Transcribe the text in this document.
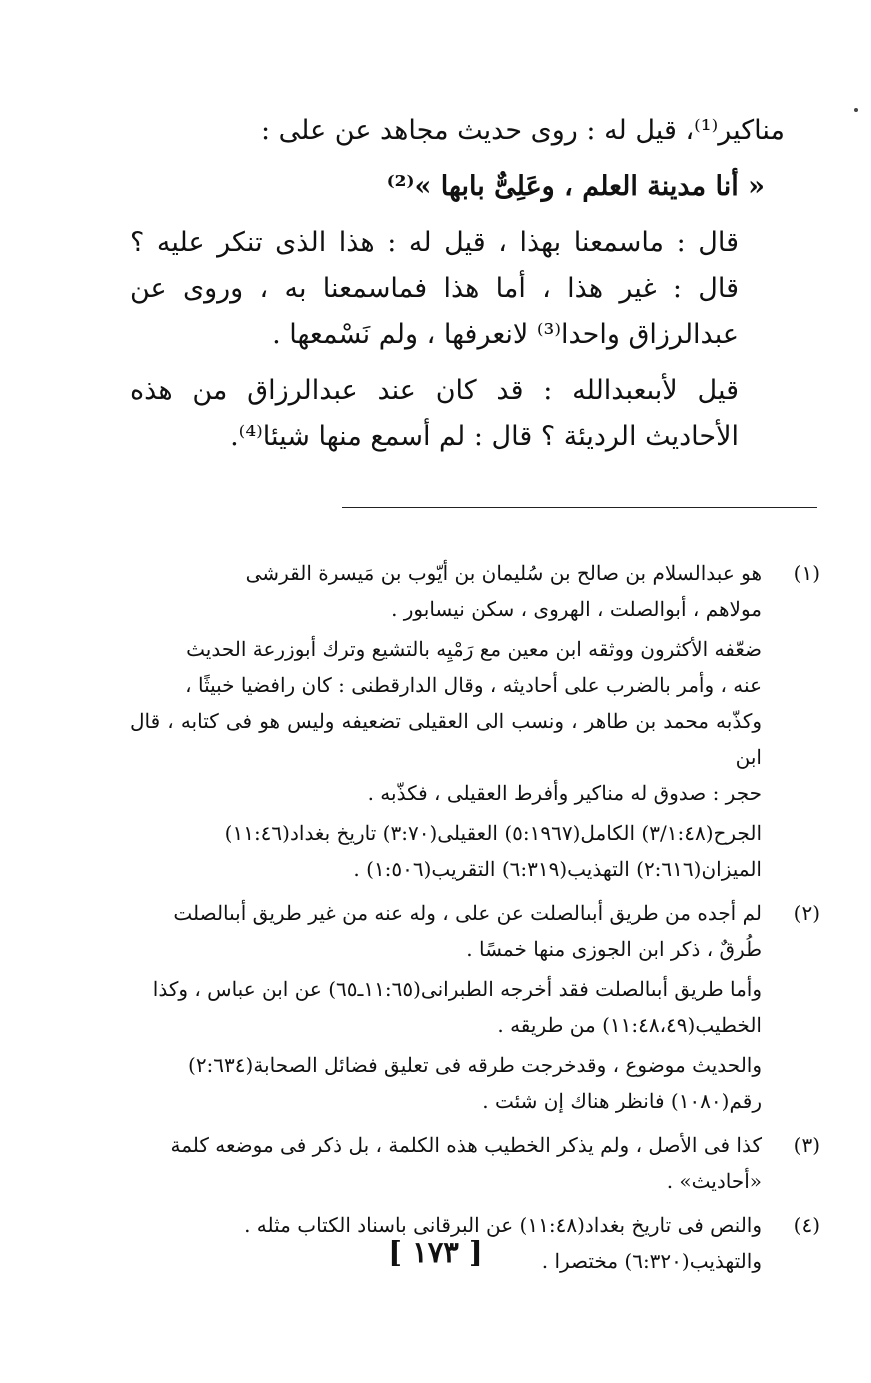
مناكير⁽¹⁾، قيل له : روى حديث مجاهد عن على :

« أنا مدينة العلم ، وعَلِىٌّ بابها »⁽²⁾

قال : ماسمعنا بهذا ، قيل له : هذا الذى تنكر عليه ؟ قال : غير هذا ، أما هذا فماسمعنا به ، وروى عن عبدالرزاق واحدا⁽³⁾ لانعرفها ، ولم نَسْمعها .

قيل لأبىعبدالله : قد كان عند عبدالرزاق من هذه الأحاديث الرديئة ؟ قال : لم أسمع منها شيئا⁽⁴⁾.

(١)

هو عبدالسلام بن صالح بن سُليمان بن أيّوب بن مَيسرة القرشى

مولاهم ، أبوالصلت ، الهروى ، سكن نيسابور .

ضعّفه الأكثرون ووثقه ابن معين مع رَمْيِه بالتشيع وترك أبوزرعة الحديث

عنه ، وأمر بالضرب على أحاديثه ، وقال الدارقطنى : كان رافضيا خبيثًا ،

وكذّبه محمد بن طاهر ، ونسب الى العقيلى تضعيفه وليس هو فى كتابه ، قال ابن

حجر : صدوق له مناكير وأفرط العقيلى ، فكذّبه .

الجرح(٣/١:٤٨) الكامل(٥:١٩٦٧) العقيلى(٣:٧٠) تاريخ بغداد(١١:٤٦)

الميزان(٢:٦١٦) التهذيب(٦:٣١٩) التقريب(١:٥٠٦) .

(٢)

لم أجده من طريق أبىالصلت عن على ، وله عنه من غير طريق أبىالصلت

طُرقٌ ، ذكر ابن الجوزى منها خمسًا .

وأما طريق أبىالصلت فقد أخرجه الطبرانى(١١:٦٥ـ٦٥) عن ابن عباس ، وكذا

الخطيب(١١:٤٨،٤٩) من طريقه .

والحديث موضوع ، وقدخرجت طرقه فى تعليق فضائل الصحابة(٢:٦٣٤)

رقم(١٠٨٠) فانظر هناك إن شئت .

(٣)

كذا فى الأصل ، ولم يذكر الخطيب هذه الكلمة ، بل ذكر فى موضعه كلمة

«أحاديث» .

(٤)

والنص فى تاريخ بغداد(١١:٤٨) عن البرقانى باسناد الكتاب مثله .

والتهذيب(٦:٣٢٠) مختصرا .

[ ١٧٣ ]
